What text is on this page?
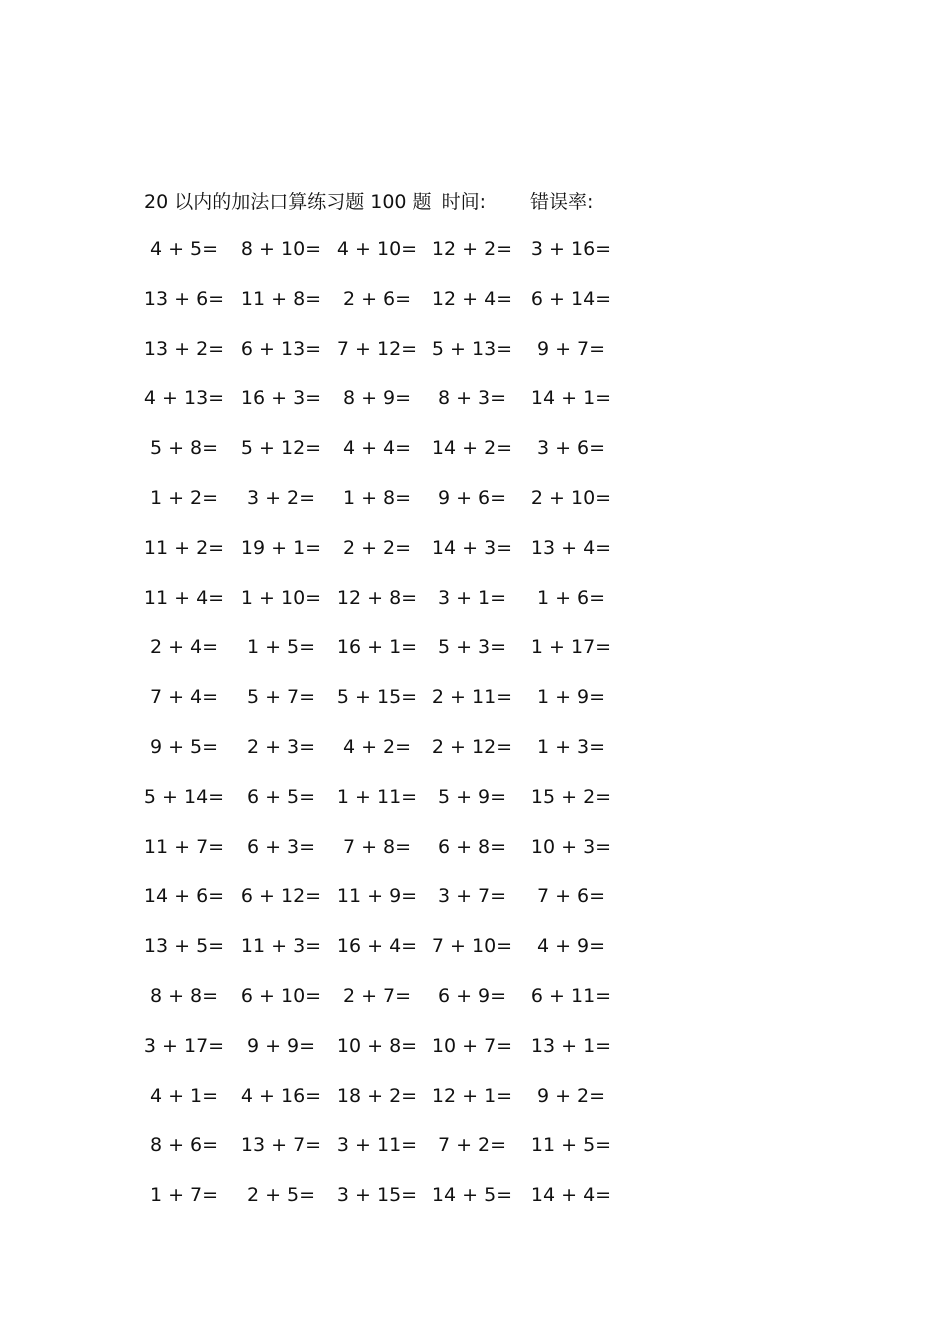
20 以内的加法口算练习题 100 题 时间: 错误率:
4 + 5= 8 + 10= 4 + 10= 12 + 2= 3 + 16=
13 + 6= 11 + 8= 2 + 6= 12 + 4= 6 + 14=
13 + 2= 6 + 13= 7 + 12= 5 + 13= 9 + 7=
4 + 13= 16 + 3= 8 + 9= 8 + 3= 14 + 1=
5 + 8= 5 + 12= 4 + 4= 14 + 2= 3 + 6=
1 + 2= 3 + 2= 1 + 8= 9 + 6= 2 + 10=
11 + 2= 19 + 1= 2 + 2= 14 + 3= 13 + 4=
11 + 4= 1 + 10= 12 + 8= 3 + 1= 1 + 6=
2 + 4= 1 + 5= 16 + 1= 5 + 3= 1 + 17=
7 + 4= 5 + 7= 5 + 15= 2 + 11= 1 + 9=
9 + 5= 2 + 3= 4 + 2= 2 + 12= 1 + 3=
5 + 14= 6 + 5= 1 + 11= 5 + 9= 15 + 2=
11 + 7= 6 + 3= 7 + 8= 6 + 8= 10 + 3=
14 + 6= 6 + 12= 11 + 9= 3 + 7= 7 + 6=
13 + 5= 11 + 3= 16 + 4= 7 + 10= 4 + 9=
8 + 8= 6 + 10= 2 + 7= 6 + 9= 6 + 11=
3 + 17= 9 + 9= 10 + 8= 10 + 7= 13 + 1=
4 + 1= 4 + 16= 18 + 2= 12 + 1= 9 + 2=
8 + 6= 13 + 7= 3 + 11= 7 + 2= 11 + 5=
1 + 7= 2 + 5= 3 + 15= 14 + 5= 14 + 4=
